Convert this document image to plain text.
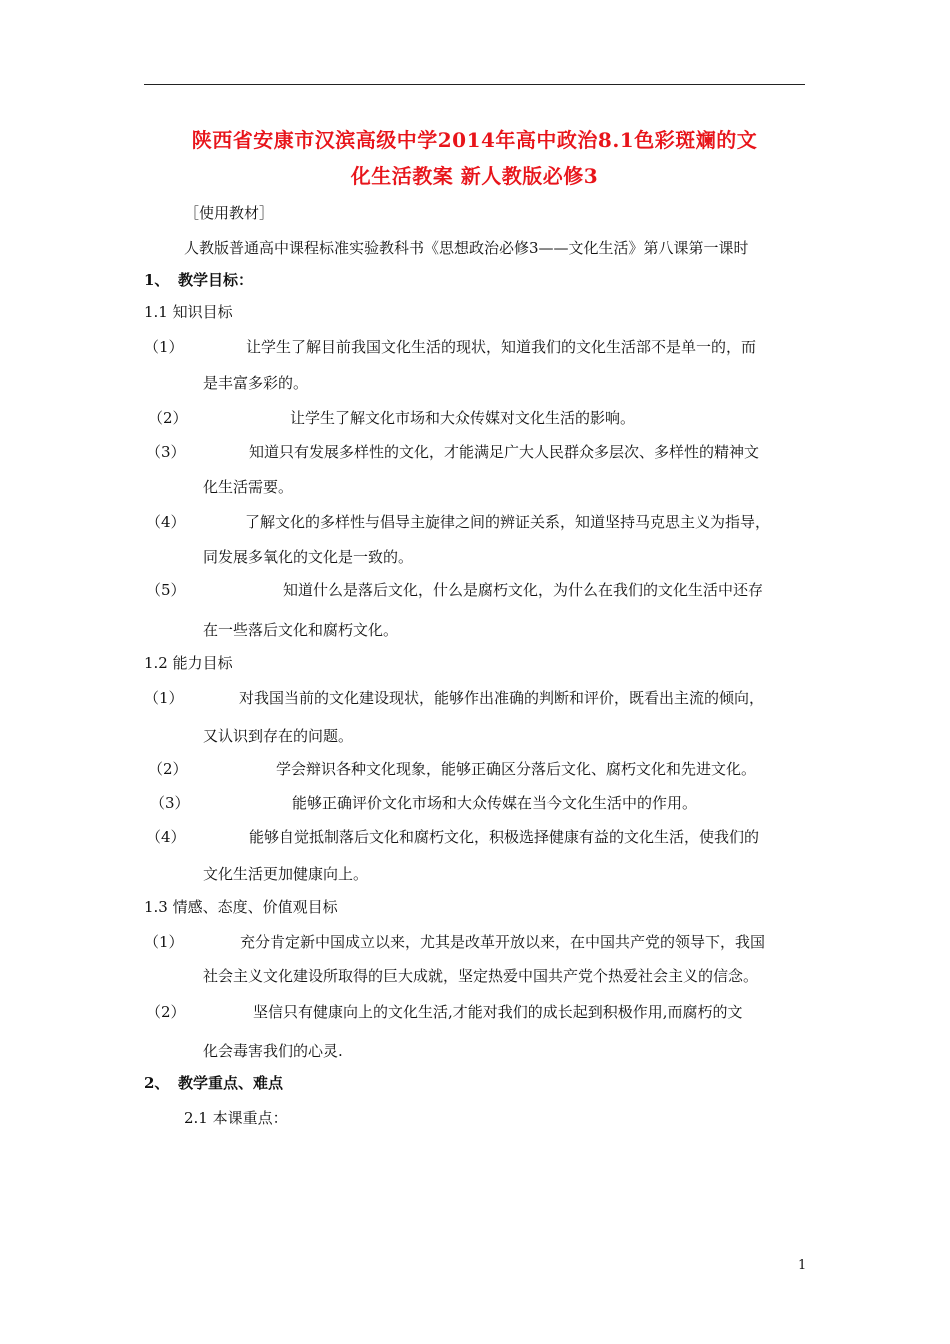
陕西省安康市汉滨高级中学2014年高中政治8.1色彩斑斓的文
化生活教案 新人教版必修3
［使用教材］
人教版普通高中课程标准实验教科书《思想政治必修3——文化生活》第八课第一课时
1、 教学目标：
1.1 知识目标
（1）	让学生了解目前我国文化生活的现状，知道我们的文化生活部不是单一的，而
是丰富多彩的。
（2）	让学生了解文化市场和大众传媒对文化生活的影响。
（3）	知道只有发展多样性的文化，才能满足广大人民群众多层次、多样性的精神文
化生活需要。
（4）	了解文化的多样性与倡导主旋律之间的辨证关系，知道坚持马克思主义为指导，
同发展多氧化的文化是一致的。
（5）	知道什么是落后文化，什么是腐朽文化，为什么在我们的文化生活中还存
在一些落后文化和腐朽文化。
1.2 能力目标
（1）	对我国当前的文化建设现状，能够作出准确的判断和评价，既看出主流的倾向，
又认识到存在的问题。
（2）	学会辩识各种文化现象，能够正确区分落后文化、腐朽文化和先进文化。
（3）	能够正确评价文化市场和大众传媒在当今文化生活中的作用。
（4）	能够自觉抵制落后文化和腐朽文化，积极选择健康有益的文化生活，使我们的
文化生活更加健康向上。
1.3 情感、态度、价值观目标
（1）	充分肯定新中国成立以来，尤其是改革开放以来，在中国共产党的领导下，我国
社会主义文化建设所取得的巨大成就，坚定热爱中国共产党个热爱社会主义的信念。
（2）	坚信只有健康向上的文化生活,才能对我们的成长起到积极作用,而腐朽的文
化会毒害我们的心灵.
2、 教学重点、难点
2.1 本课重点：
1
